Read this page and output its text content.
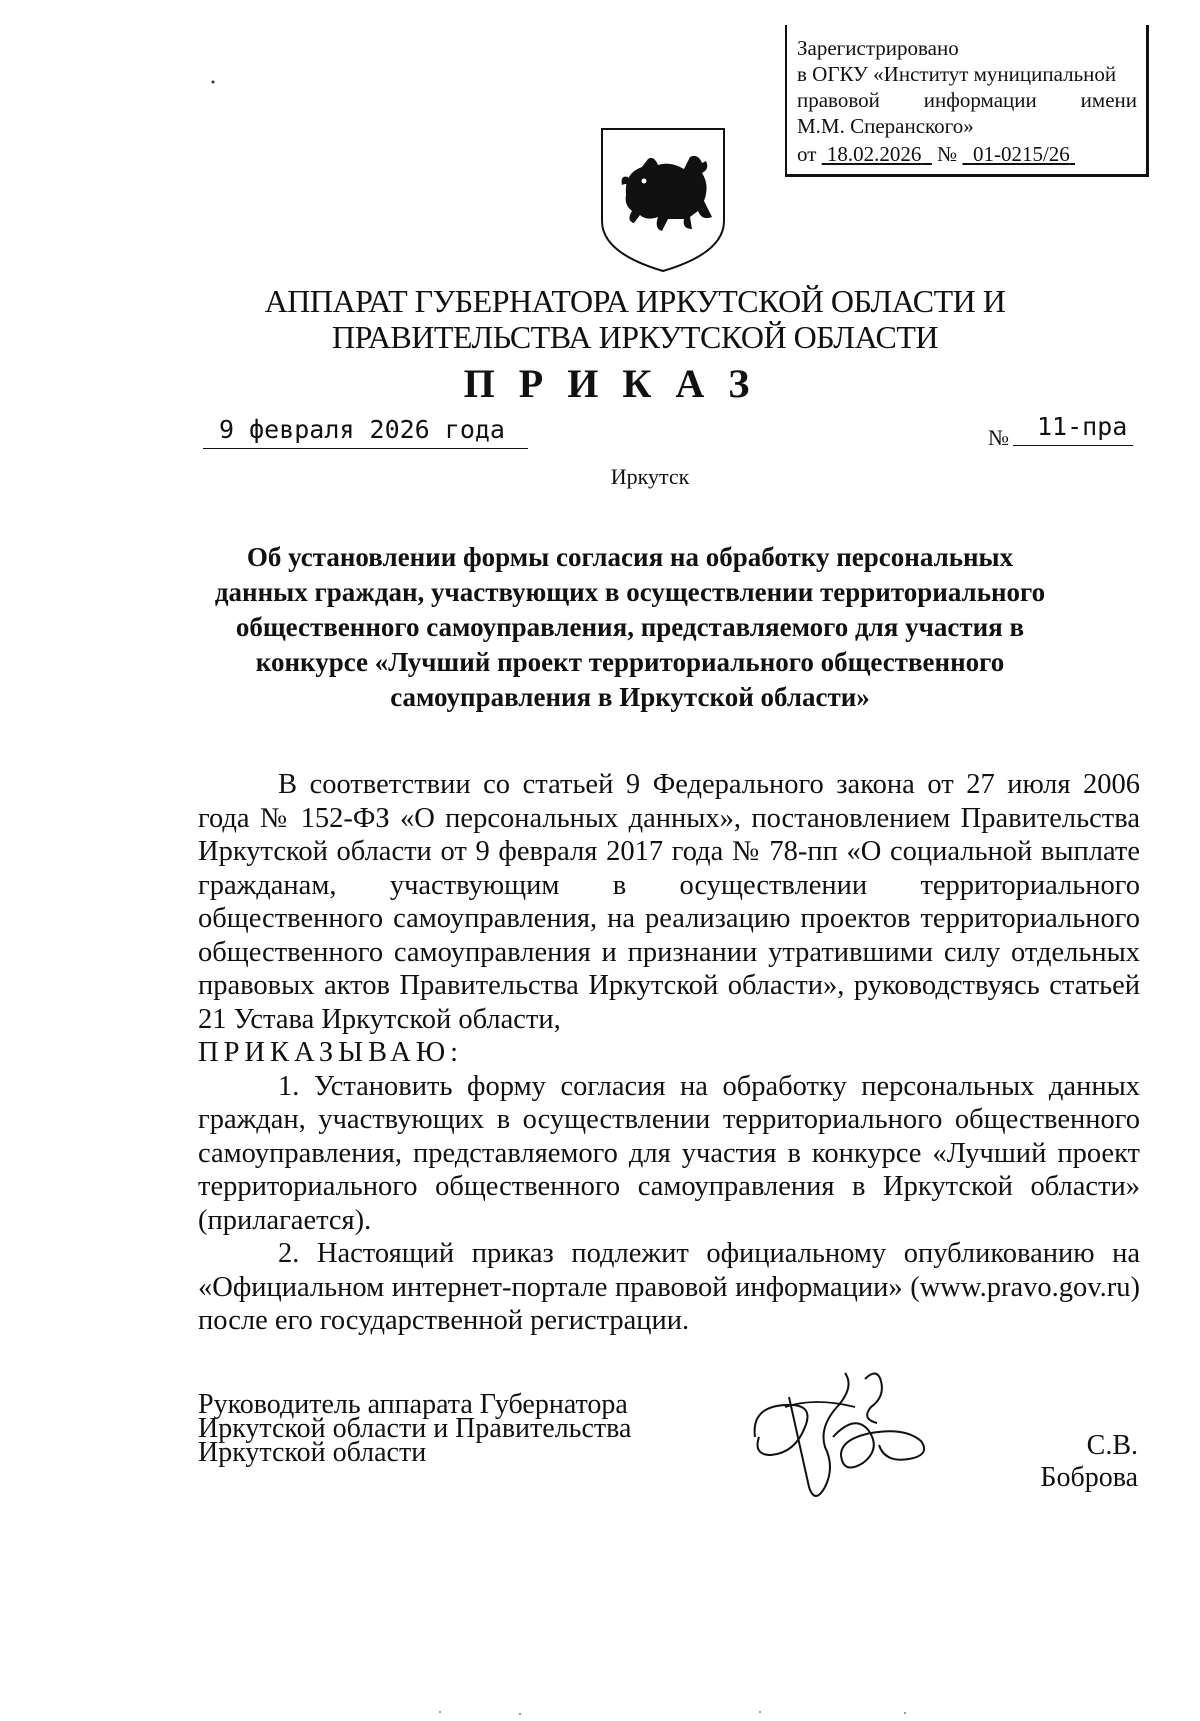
Зарегистрировано
в ОГКУ «Институт муниципальной
правовой информации имени
М.М. Сперанского»
от 18.02.2026 № 01-0215/26
АППАРАТ ГУБЕРНАТОРА ИРКУТСКОЙ ОБЛАСТИ И
ПРАВИТЕЛЬСТВА ИРКУТСКОЙ ОБЛАСТИ
П Р И К А З
9 февраля 2026 года	№	11-пра
Иркутск
Об установлении формы согласия на обработку персональных данных граждан, участвующих в осуществлении территориального общественного самоуправления, представляемого для участия в конкурсе «Лучший проект территориального общественного самоуправления в Иркутской области»

В соответствии со статьей 9 Федерального закона от 27 июля 2006 года № 152-ФЗ «О персональных данных», постановлением Правительства Иркутской области от 9 февраля 2017 года № 78-пп «О социальной выплате гражданам, участвующим в осуществлении территориального общественного самоуправления, на реализацию проектов территориального общественного самоуправления и признании утратившими силу отдельных правовых актов Правительства Иркутской области», руководствуясь статьей 21 Устава Иркутской области,

ПРИКАЗЫВАЮ:

1. Установить форму согласия на обработку персональных данных граждан, участвующих в осуществлении территориального общественного самоуправления, представляемого для участия в конкурсе «Лучший проект территориального общественного самоуправления в Иркутской области» (прилагается).

2. Настоящий приказ подлежит официальному опубликованию на «Официальном интернет-портале правовой информации» (www.pravo.gov.ru) после его государственной регистрации.

Руководитель аппарата Губернатора
Иркутской области и Правительства
Иркутской области	С.В. Боброва
